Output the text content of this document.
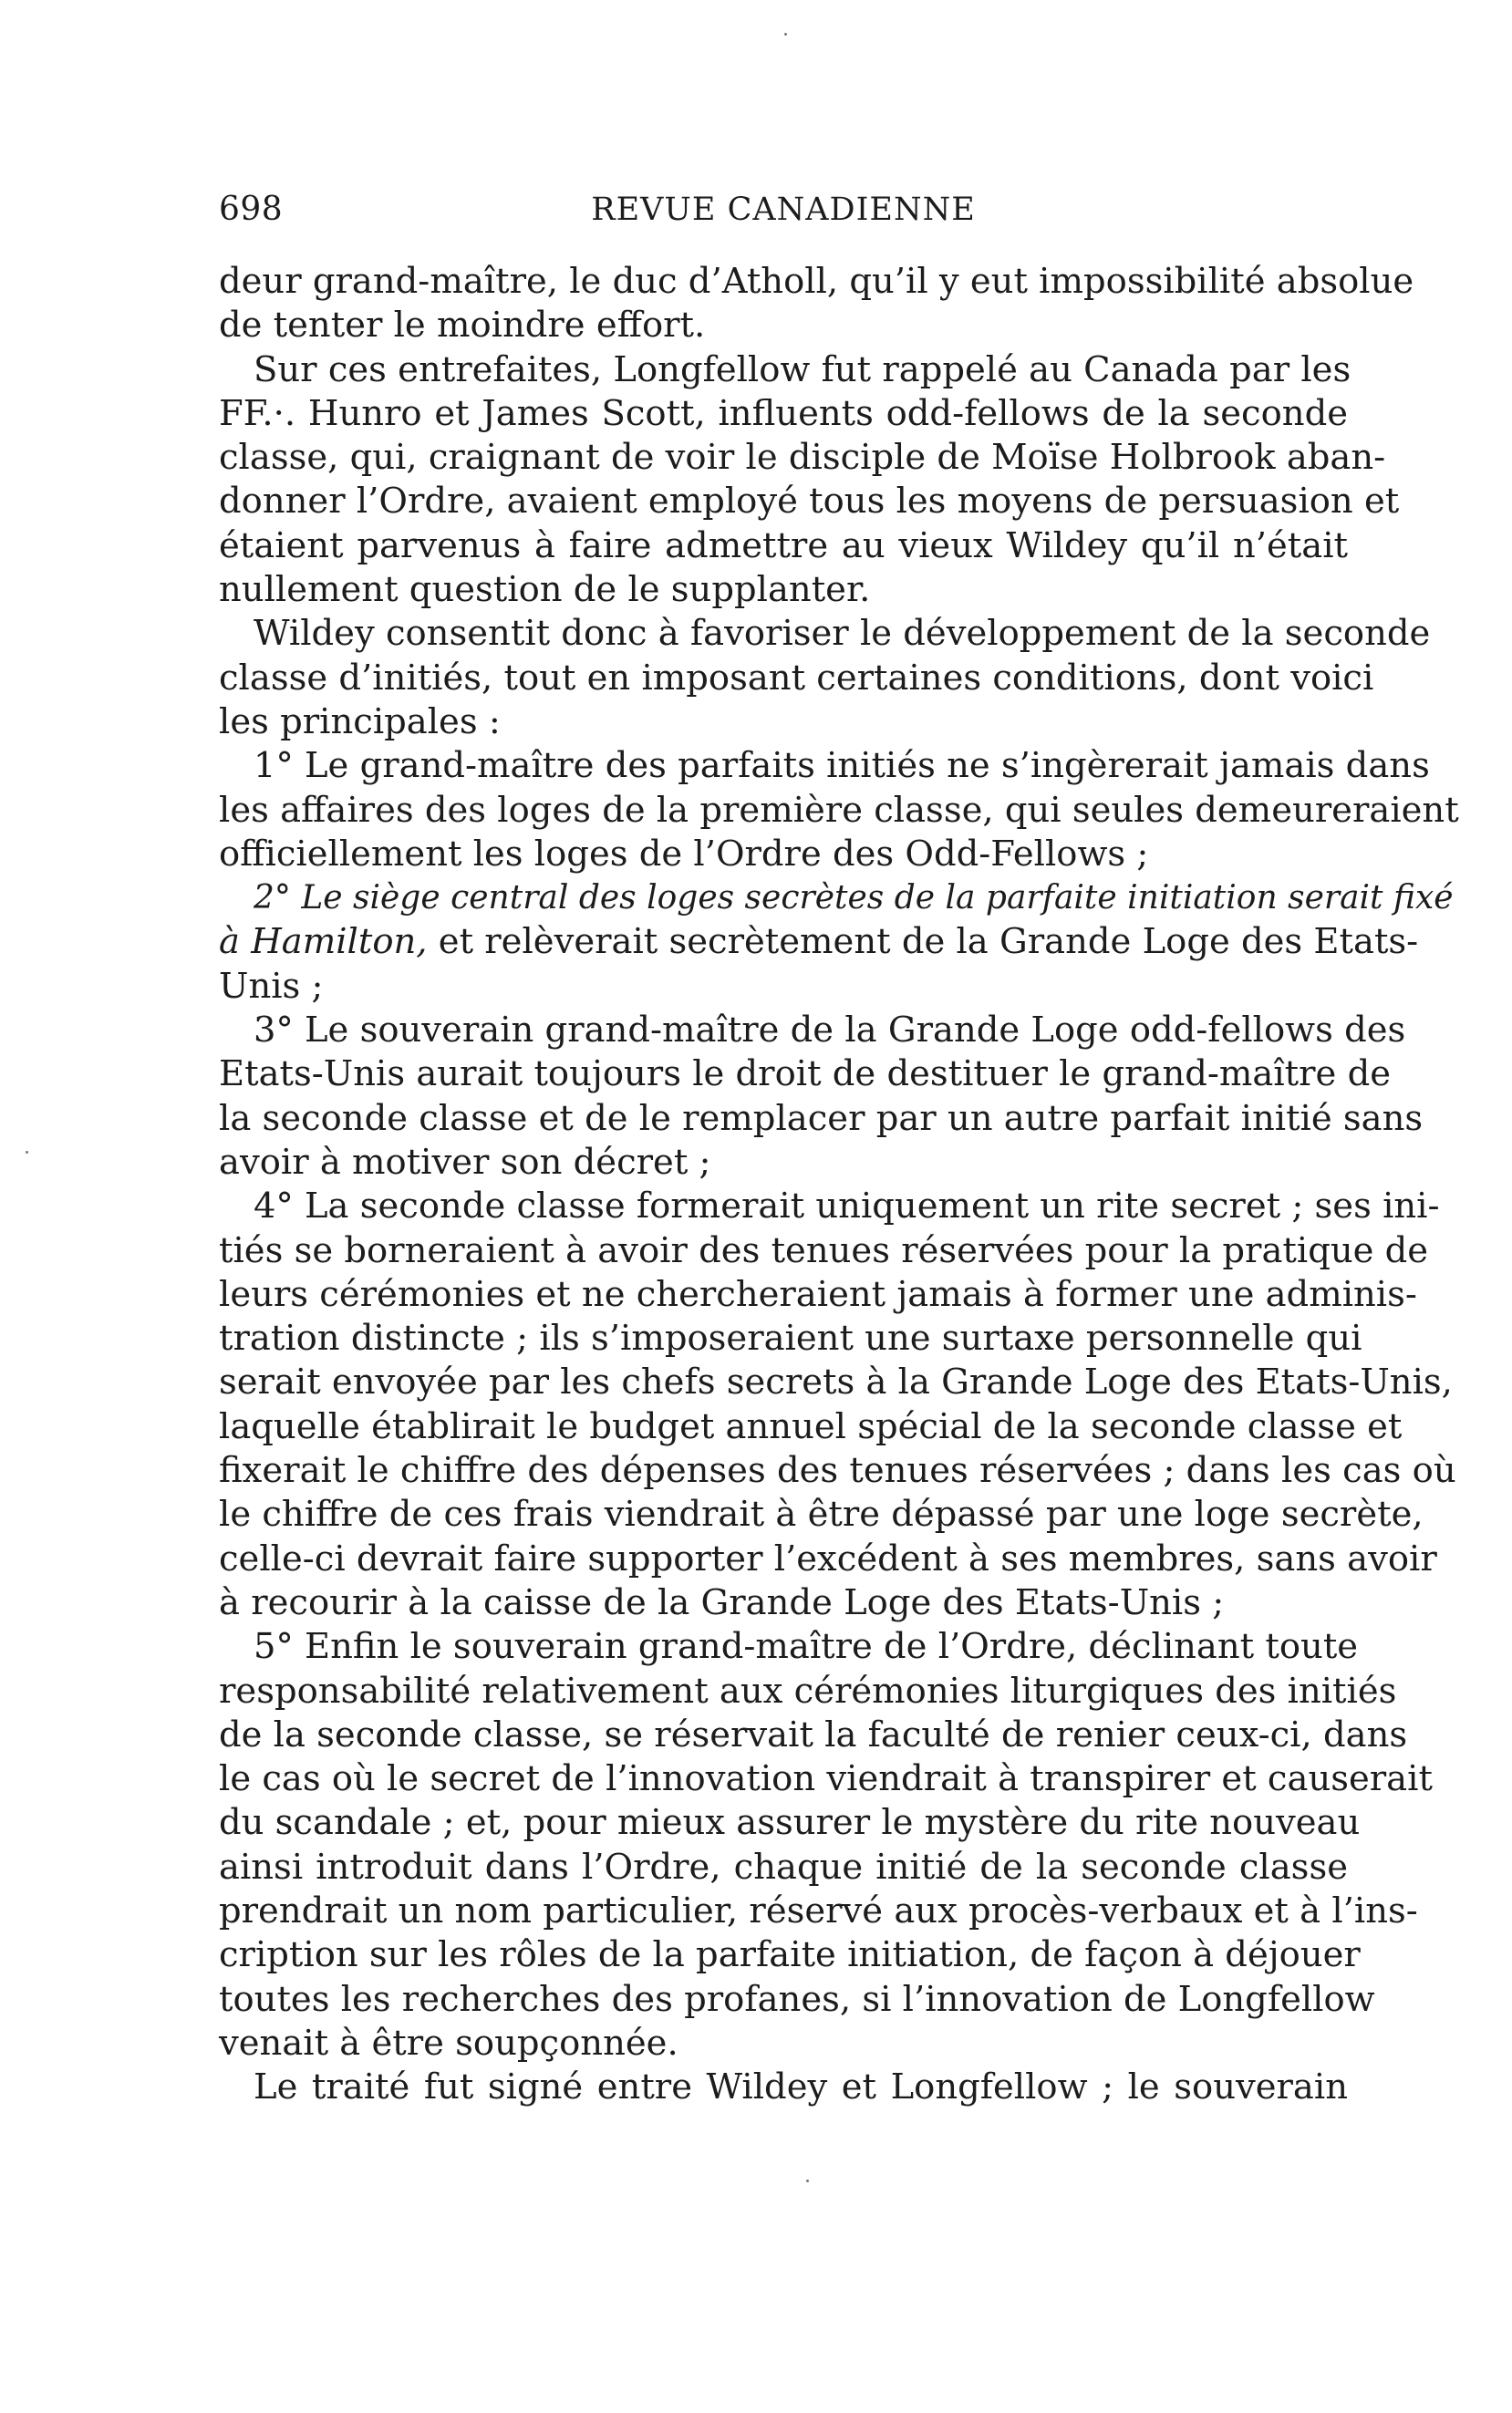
698	REVUE CANADIENNE
deur grand-maître, le duc d’Atholl, qu’il y eut impossibilité absolue
de tenter le moindre effort.
Sur ces entrefaites, Longfellow fut rappelé au Canada par les
FF.·. Hunro et James Scott, influents odd-fellows de la seconde
classe, qui, craignant de voir le disciple de Moïse Holbrook aban-
donner l’Ordre, avaient employé tous les moyens de persuasion et
étaient parvenus à faire admettre au vieux Wildey qu’il n’était
nullement question de le supplanter.
Wildey consentit donc à favoriser le développement de la seconde
classe d’initiés, tout en imposant certaines conditions, dont voici
les principales :
1° Le grand-maître des parfaits initiés ne s’ingèrerait jamais dans
les affaires des loges de la première classe, qui seules demeureraient
officiellement les loges de l’Ordre des Odd-Fellows ;
2° Le siège central des loges secrètes de la parfaite initiation serait fixé
à Hamilton, et relèverait secrètement de la Grande Loge des Etats-
Unis ;
3° Le souverain grand-maître de la Grande Loge odd-fellows des
Etats-Unis aurait toujours le droit de destituer le grand-maître de
la seconde classe et de le remplacer par un autre parfait initié sans
avoir à motiver son décret ;
4° La seconde classe formerait uniquement un rite secret ; ses ini-
tiés se borneraient à avoir des tenues réservées pour la pratique de
leurs cérémonies et ne chercheraient jamais à former une adminis-
tration distincte ; ils s’imposeraient une surtaxe personnelle qui
serait envoyée par les chefs secrets à la Grande Loge des Etats-Unis,
laquelle établirait le budget annuel spécial de la seconde classe et
fixerait le chiffre des dépenses des tenues réservées ; dans les cas où
le chiffre de ces frais viendrait à être dépassé par une loge secrète,
celle-ci devrait faire supporter l’excédent à ses membres, sans avoir
à recourir à la caisse de la Grande Loge des Etats-Unis ;
5° Enfin le souverain grand-maître de l’Ordre, déclinant toute
responsabilité relativement aux cérémonies liturgiques des initiés
de la seconde classe, se réservait la faculté de renier ceux-ci, dans
le cas où le secret de l’innovation viendrait à transpirer et causerait
du scandale ; et, pour mieux assurer le mystère du rite nouveau
ainsi introduit dans l’Ordre, chaque initié de la seconde classe
prendrait un nom particulier, réservé aux procès-verbaux et à l’ins-
cription sur les rôles de la parfaite initiation, de façon à déjouer
toutes les recherches des profanes, si l’innovation de Longfellow
venait à être soupçonnée.
Le traité fut signé entre Wildey et Longfellow ; le souverain
